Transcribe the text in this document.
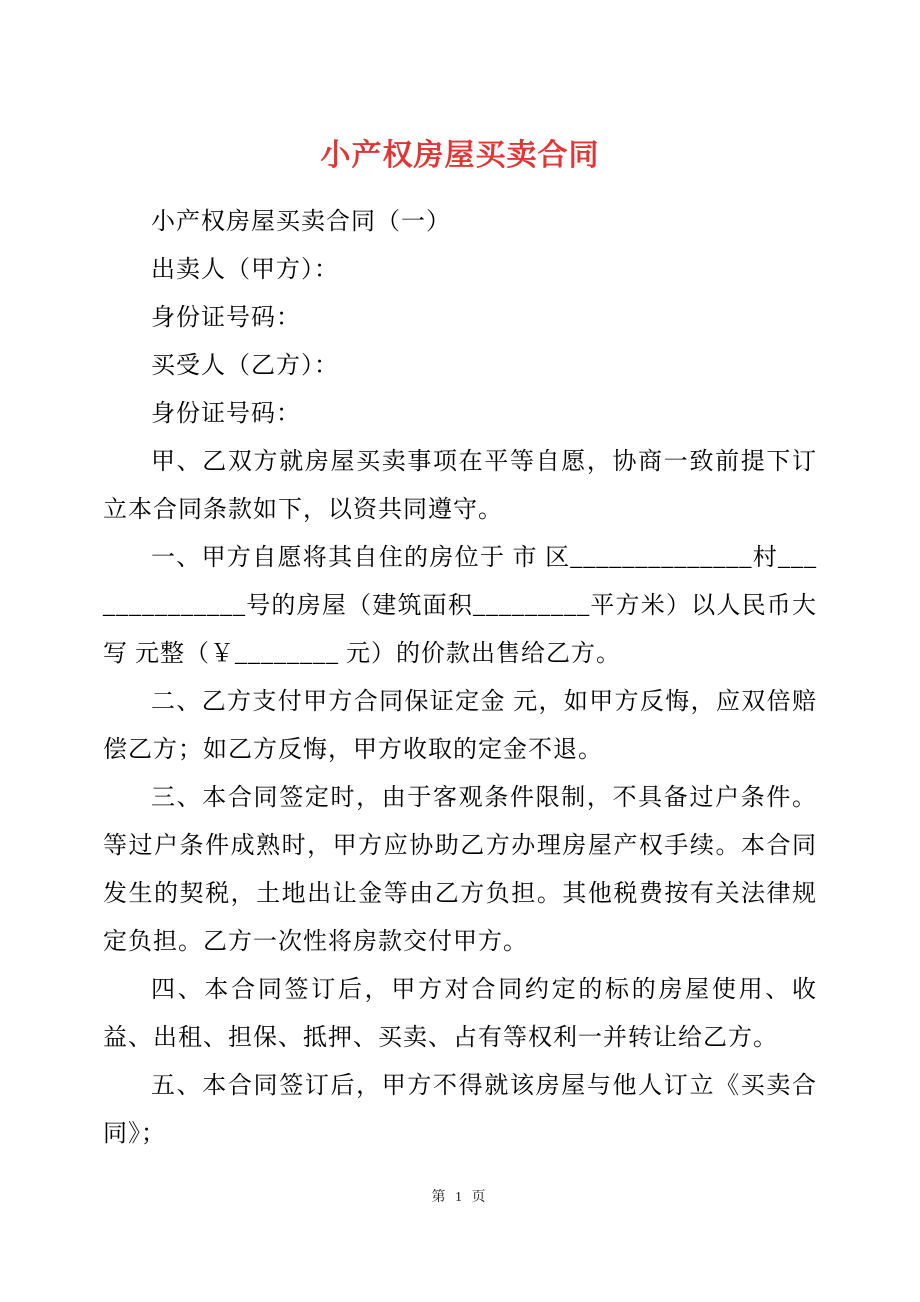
小产权房屋买卖合同

小产权房屋买卖合同（一）

出卖人（甲方）：

身份证号码：

买受人（乙方）：

身份证号码：

甲、乙双方就房屋买卖事项在平等自愿，协商一致前提下订立本合同条款如下，以资共同遵守。

一、甲方自愿将其自住的房位于 市 区______________村______________号的房屋（建筑面积_________平方米）以人民币大写 元整（￥________ 元）的价款出售给乙方。

二、乙方支付甲方合同保证定金 元，如甲方反悔，应双倍赔偿乙方；如乙方反悔，甲方收取的定金不退。

三、本合同签定时，由于客观条件限制，不具备过户条件。等过户条件成熟时，甲方应协助乙方办理房屋产权手续。本合同发生的契税，土地出让金等由乙方负担。其他税费按有关法律规定负担。乙方一次性将房款交付甲方。

四、本合同签订后，甲方对合同约定的标的房屋使用、收益、出租、担保、抵押、买卖、占有等权利一并转让给乙方。

五、本合同签订后，甲方不得就该房屋与他人订立《买卖合同》；

第 1 页
